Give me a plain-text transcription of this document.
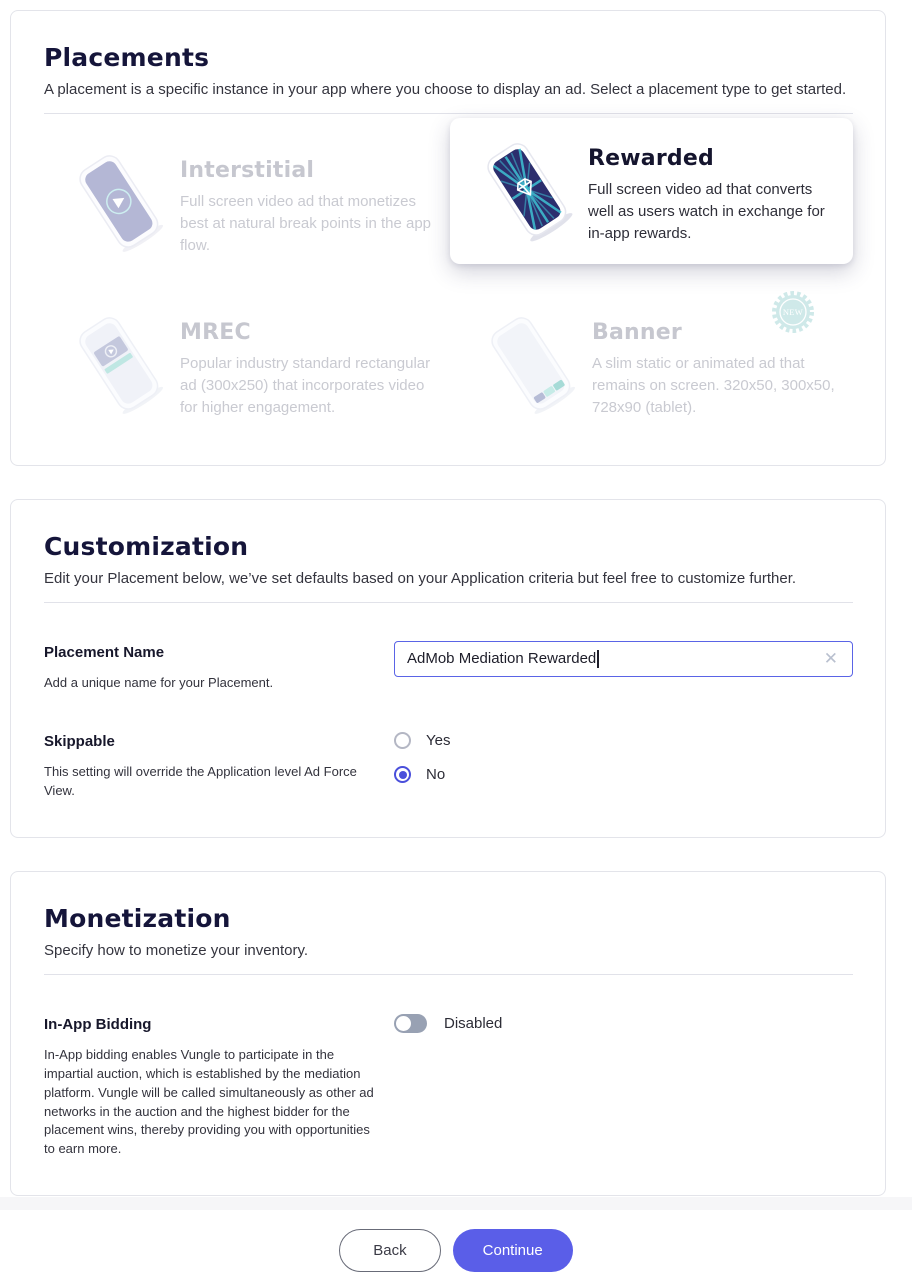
Placements

A placement is a specific instance in your app where you choose to display an ad. Select a placement type to get started.

Interstitial
Full screen video ad that monetizes best at natural break points in the app flow.
Rewarded
Full screen video ad that converts well as users watch in exchange for in-app rewards.
MREC
Popular industry standard rectangular ad (300x250) that incorporates video for higher engagement.
Banner
A slim static or animated ad that remains on screen. 320x50, 300x50, 728x90 (tablet).
NEW
Customization

Edit your Placement below, we’ve set defaults based on your Application criteria but feel free to customize further.

Placement Name
Add a unique name for your Placement.
AdMob Mediation Rewarded	✕
Skippable
This setting will override the Application level Ad Force View.
Yes
No
Monetization

Specify how to monetize your inventory.

In-App Bidding
In-App bidding enables Vungle to participate in the impartial auction, which is established by the mediation platform. Vungle will be called simultaneously as other ad networks in the auction and the highest bidder for the placement wins, thereby providing you with opportunities to earn more.
Disabled
Back	Continue
